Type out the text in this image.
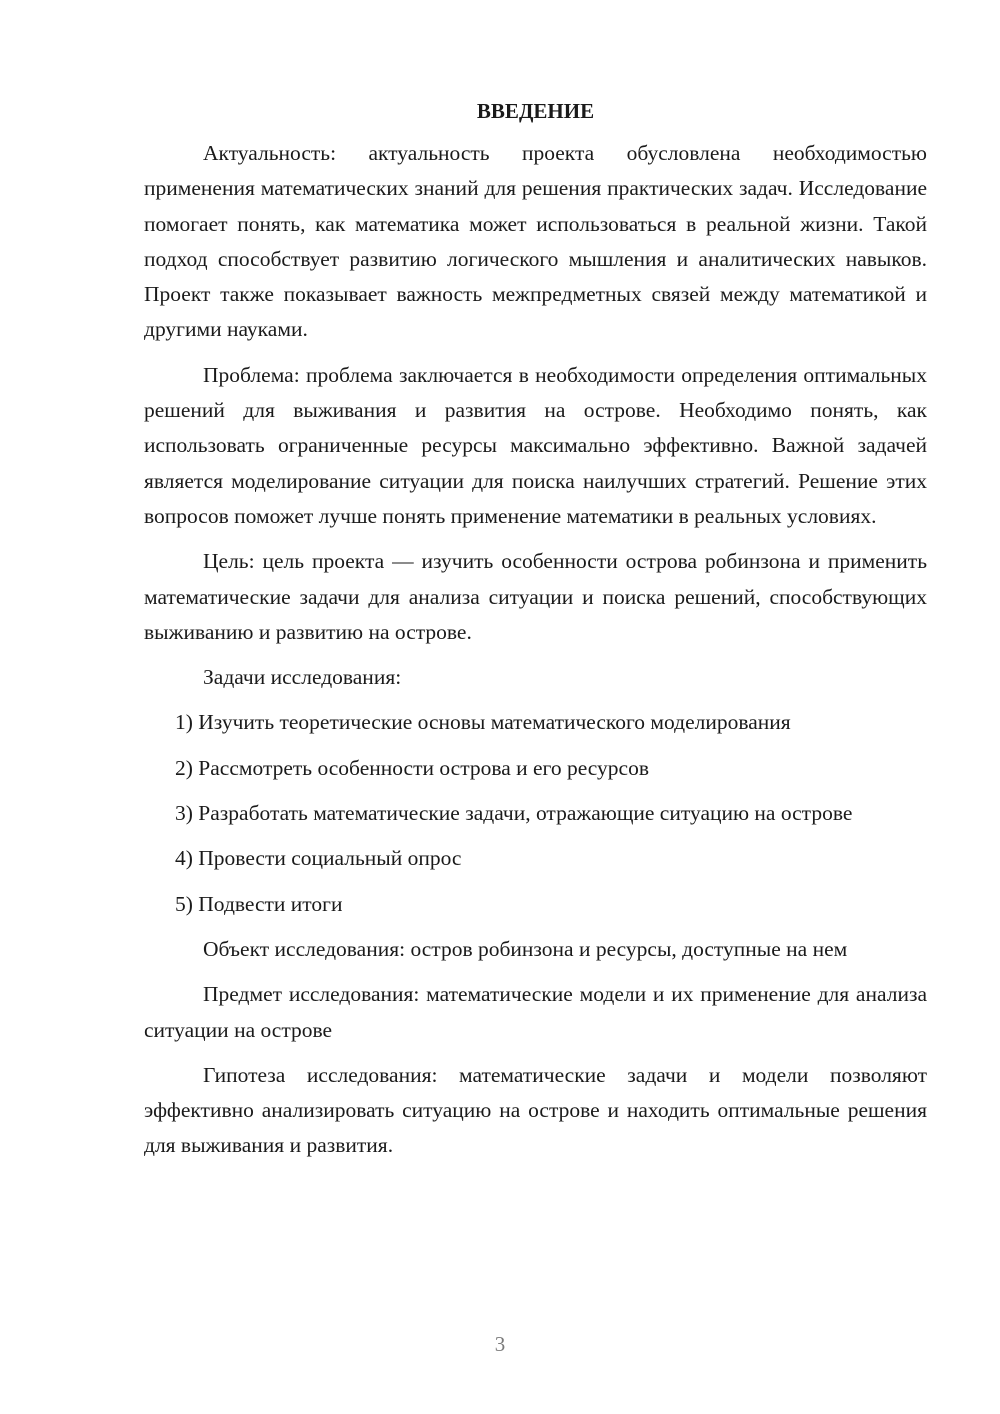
ВВЕДЕНИЕ

Актуальность: актуальность проекта обусловлена необходимостью применения математических знаний для решения практических задач. Исследование помогает понять, как математика может использоваться в реальной жизни. Такой подход способствует развитию логического мышления и аналитических навыков. Проект также показывает важность межпредметных связей между математикой и другими науками.

Проблема: проблема заключается в необходимости определения оптимальных решений для выживания и развития на острове. Необходимо понять, как использовать ограниченные ресурсы максимально эффективно. Важной задачей является моделирование ситуации для поиска наилучших стратегий. Решение этих вопросов поможет лучше понять применение математики в реальных условиях.

Цель: цель проекта — изучить особенности острова робинзона и применить математические задачи для анализа ситуации и поиска решений, способствующих выживанию и развитию на острове.

Задачи исследования:

1) Изучить теоретические основы математического моделирования

2) Рассмотреть особенности острова и его ресурсов

3) Разработать математические задачи, отражающие ситуацию на острове

4) Провести социальный опрос

5) Подвести итоги

Объект исследования: остров робинзона и ресурсы, доступные на нем

Предмет исследования: математические модели и их применение для анализа ситуации на острове

Гипотеза исследования: математические задачи и модели позволяют эффективно анализировать ситуацию на острове и находить оптимальные решения для выживания и развития.

3
